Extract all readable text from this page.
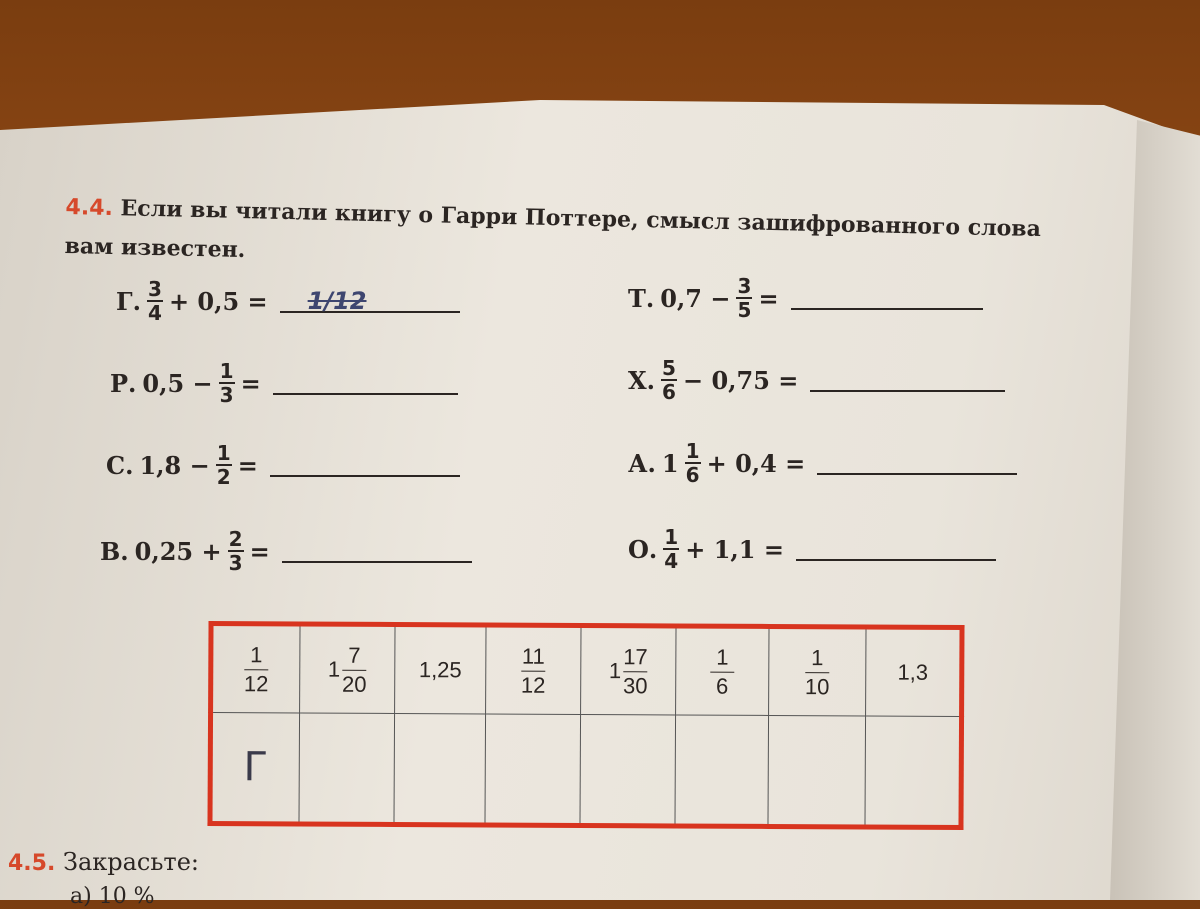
4.4. Если вы читали книгу о Гарри Поттере, смысл зашифрованного слова
вам известен.
Г. $\frac{3}{4} + 0,5 = 1/12$
Р. $0,5 - \frac{1}{3}$ =
С. $1,8 - \frac{1}{2}$ =
В. $0,25 + \frac{2}{3}$ =
Т. $0,7 - \frac{3}{5}$ =
Х. $\frac{5}{6} - 0,75$ =
А. $1 \frac{1}{6} + 0,4$ =
О. $\frac{1}{4} + 1,1$ =
$\frac{1}{12}$	$1 \frac{7}{20}$	1,25	$\frac{11}{12}$	$1 \frac{17}{30}$	$\frac{1}{6}$	$\frac{1}{10}$	1,3
Г							
4.5. Закрасьте:
а) 10 %
